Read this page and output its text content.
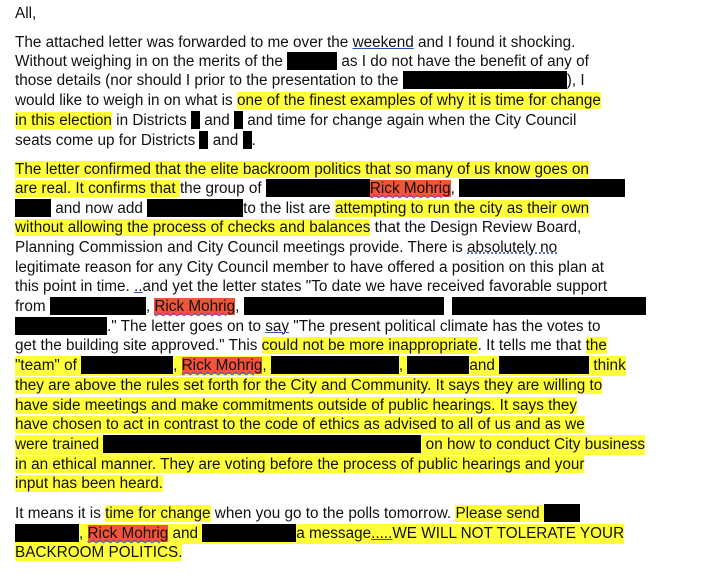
All,
The attached letter was forwarded to me over the weekend and I found it shocking.
Without weighing in on the merits of the	as I do not have the benefit of any of
those details (nor should I prior to the presentation to the	), I
would like to weigh in on what is one of the finest examples of why it is time for change
in this election in Districts  and  and time for change again when the City Council
seats come up for Districts  and .
The letter confirmed that the elite backroom politics that so many of us know goes on
are real. It confirms that the group of	Rick Mohrig,
and now add	to the list are attempting to run the city as their own
without allowing the process of checks and balances that the Design Review Board,
Planning Commission and City Council meetings provide. There is absolutely no
legitimate reason for any City Council member to have offered a position on this plan at
this point in time. ..and yet the letter states "To date we have received favorable support
from	, Rick Mohrig,
." The letter goes on to say "The present political climate has the votes to
get the building site approved." This could not be more inappropriate. It tells me that the
"team" of	, Rick Mohrig,	,	and	think
they are above the rules set forth for the City and Community. It says they are willing to
have side meetings and make commitments outside of public hearings. It says they
have chosen to act in contrast to the code of ethics as advised to all of us and as we
were trained	on how to conduct City business
in an ethical manner. They are voting before the process of public hearings and your
input has been heard.
It means it is time for change when you go to the polls tomorrow. Please send
, Rick Mohrig and	a message.....WE WILL NOT TOLERATE YOUR
BACKROOM POLITICS.
